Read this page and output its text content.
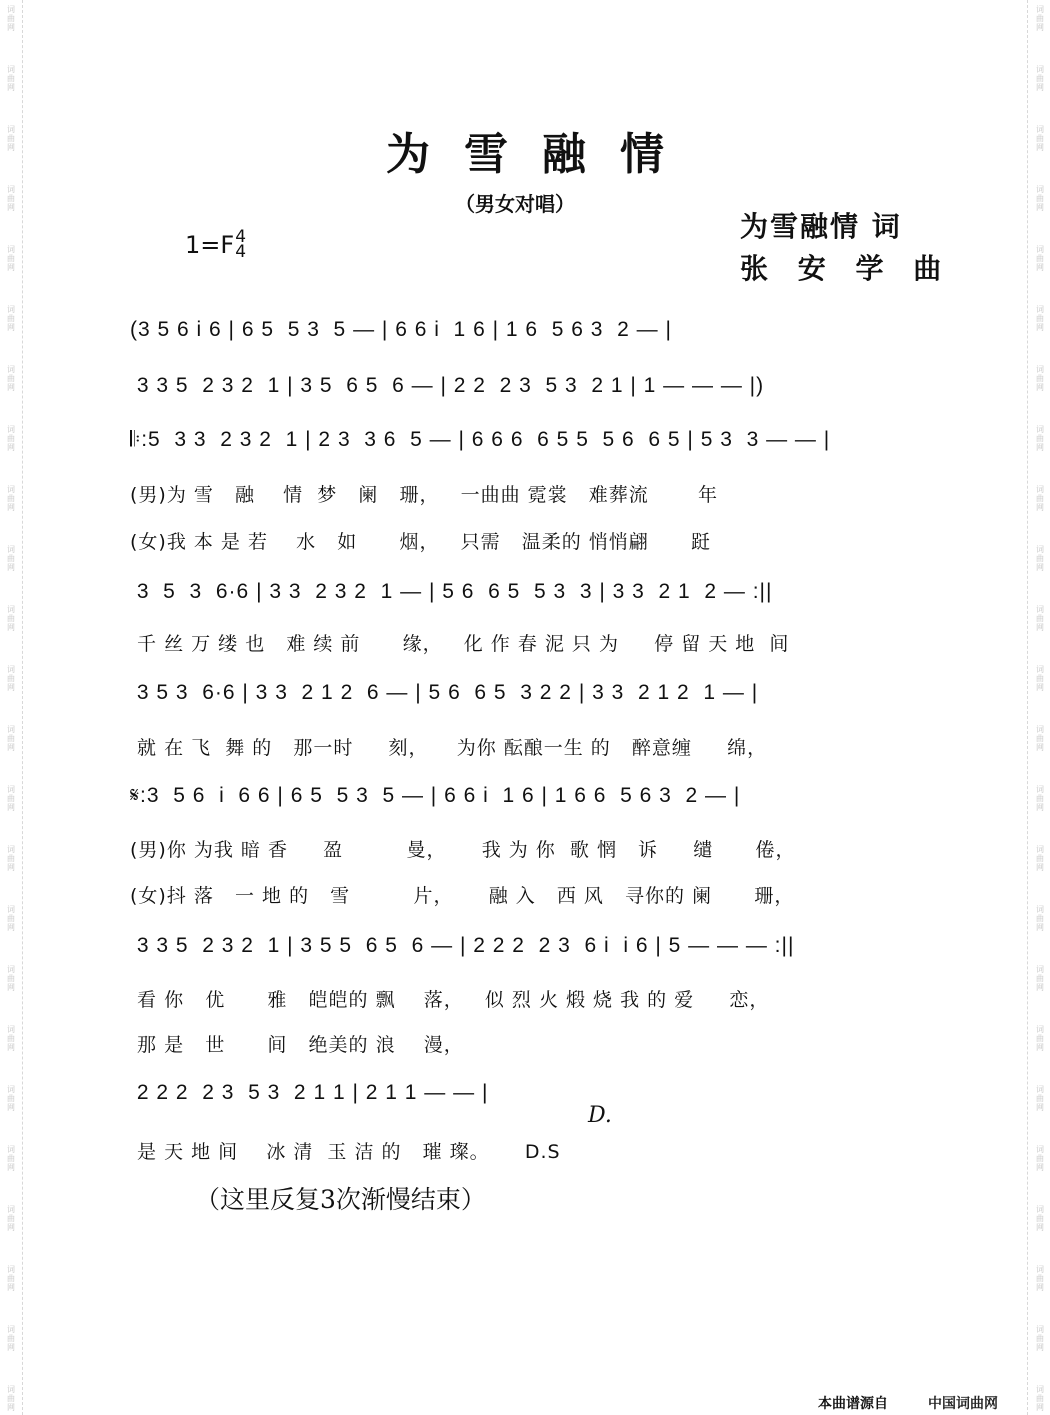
词
曲
网
词
曲
网
词
曲
网
词
曲
网
词
曲
网
词
曲
网
词
曲
网
词
曲
网
词
曲
网
词
曲
网
词
曲
网
词
曲
网
词
曲
网
词
曲
网
词
曲
网
词
曲
网
词
曲
网
词
曲
网
词
曲
网
词
曲
网
词
曲
网
词
曲
网
词
曲
网
词
曲
网
词
曲
网
词
曲
网
词
曲
网
词
曲
网
词
曲
网
词
曲
网
词
曲
网
词
曲
网
词
曲
网
词
曲
网
词
曲
网
词
曲
网
词
曲
网
词
曲
网
词
曲
网
词
曲
网
词
曲
网
词
曲
网
词
曲
网
词
曲
网
词
曲
网
词
曲
网
词
曲
网
词
曲
网
为雪融情
（男女对唱）
1=F 4
4
为雪融情 词
张 安 学 曲
(3 5 6 i 6 | 6 5  5 3  5 — | 6 6 i  1 6 | 1 6  5 6 3  2 — |
3 3 5  2 3 2  1 | 3 5  6 5  6 — | 2 2  2 3  5 3  2 1 | 1 — — — |)
𝄆:5  3 3  2 3 2  1 | 2 3  3 6  5 — | 6 6 6  6 5 5  5 6  6 5 | 5 3  3 — — |
(男)为 雪   融    情  梦   阑   珊，   一曲曲 霓裳   难葬流       年
(女)我 本 是 若    水   如      烟，   只需   温柔的 悄悄翩      跹
3  5  3  6·6 | 3 3  2 3 2  1 — | 5 6  6 5  5 3  3 | 3 3  2 1  2 — :||
千 丝 万 缕 也   难 续 前      缘，   化 作 春 泥 只 为     停 留 天 地  间
3 5 3  6·6 | 3 3  2 1 2  6 — | 5 6  6 5  3 2 2 | 3 3  2 1 2  1 — |
就 在 飞  舞 的   那一时     刻，    为你 酝酿一生 的   醉意缠     绵，
𝄋:3  5 6  i  6 6 | 6 5  5 3  5 — | 6 6 i  1 6 | 1 6 6  5 6 3  2 — |
(男)你 为我 暗 香     盈         曼，     我 为 你  歌 惘   诉     缱      倦，
(女)抖 落   一 地 的   雪         片，     融 入   西 风   寻你的 阑      珊，
3 3 5  2 3 2  1 | 3 5 5  6 5  6 — | 2 2 2  2 3  6 i  i 6 | 5 — — — :||
看 你   优      雅   皑皑的 飘    落，   似 烈 火 煅 烧 我 的 爱     恋，
那 是   世      间   绝美的 浪    漫，
2 2 2  2 3  5 3  2 1 1 | 2 1 1 — — |
是 天 地 间    冰 清  玉 洁 的   璀 璨。     D.S
D.
（这里反复3次渐慢结束）
本曲谱源自	中国词曲网
